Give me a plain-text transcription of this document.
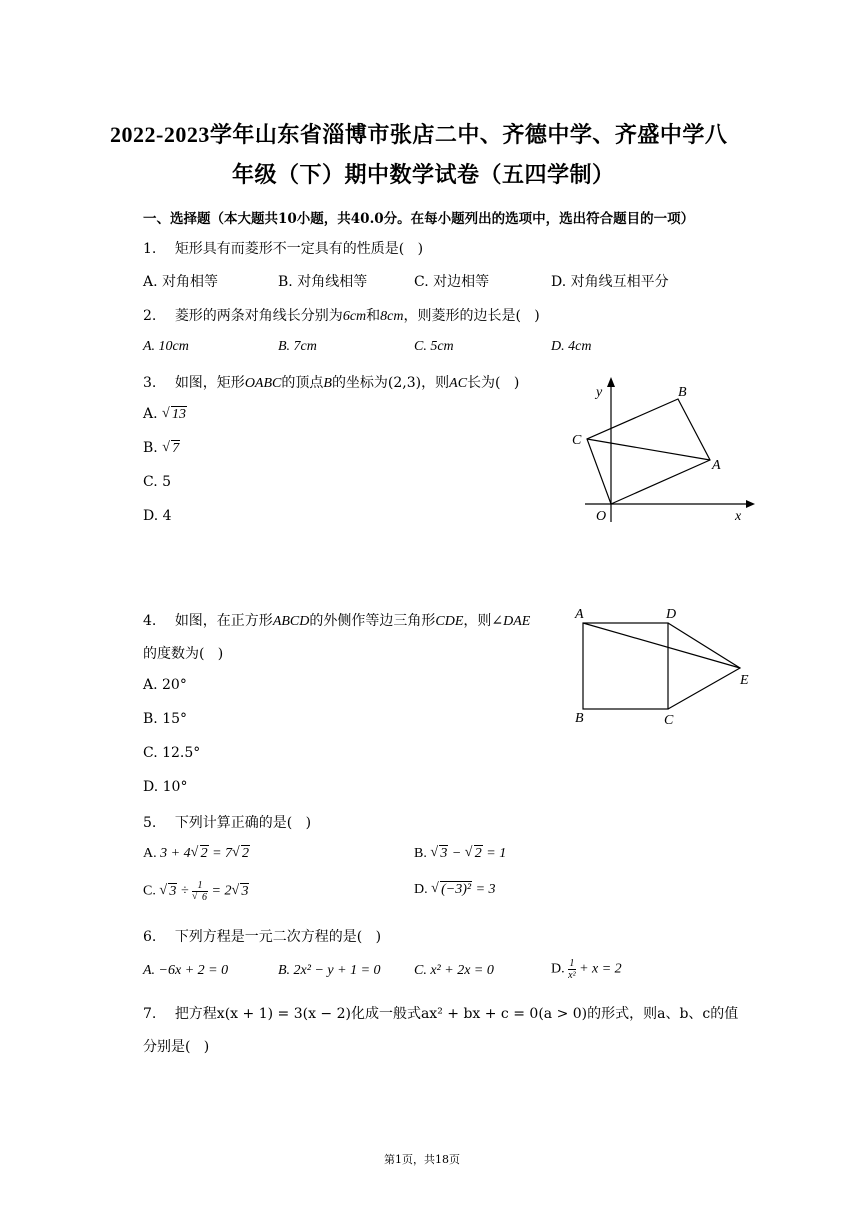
2022-2023学年山东省淄博市张店二中、齐德中学、齐盛中学八
年级（下）期中数学试卷（五四学制）
一、选择题（本大题共10小题，共40.0分。在每小题列出的选项中，选出符合题目的一项）
1. 矩形具有而菱形不一定具有的性质是(   )
A. 对角相等	B. 对角线相等	C. 对边相等	D. 对角线互相平分
2. 菱形的两条对角线长分别为6cm和8cm，则菱形的边长是(   )
A. 10cm	B. 7cm	C. 5cm	D. 4cm
3. 如图，矩形OABC的顶点B的坐标为(2,3)，则AC长为(   )
A. √ 13
B. √ 7
C. 5
D. 4
y
x
B
C
A
O
4. 如图，在正方形ABCD的外侧作等边三角形CDE，则∠DAE
的度数为(   )
A. 20°
B. 15°
C. 12.5°
D. 10°
A	D
E
B	C
5. 下列计算正确的是(   )
A. 3 + 4 √ 2 = 7 √ 2	B. √ 3 − √ 2 = 1
C. √ 3 ÷ 1
√ 6 = 2 √ 3	D. √ (−3)² = 3
6. 下列方程是一元二次方程的是(   )
A. −6x + 2 = 0	B. 2x² − y + 1 = 0 C. x² + 2x = 0	D. $\frac{1}{\text{x²}} + x = 2$
7. 把方程x(x + 1) = 3(x − 2)化成一般式ax² + bx + c = 0(a > 0)的形式，则a、b、c的值
分别是(   )
第1页，共18页
